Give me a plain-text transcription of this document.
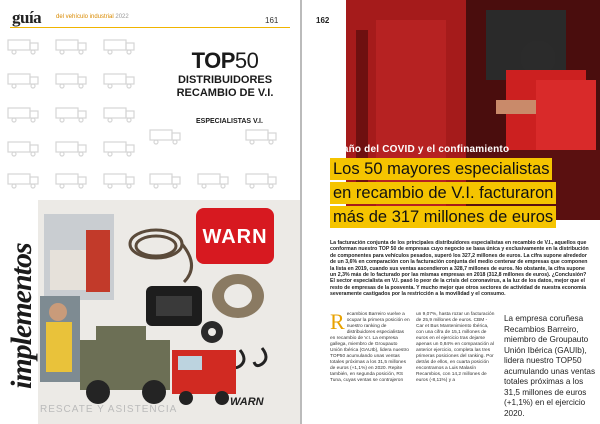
guía del vehículo industrial 2022	161
TOP50
DISTRIBUIDORES
RECAMBIO DE V.I.
ESPECIALISTAS V.I.
implementos
WARN
RESCATE Y ASISTENCIA
WARN
162
El año del COVID y el confinamiento
Los 50 mayores especialistas
en recambio de V.I. facturaron
más de 317 millones de euros
La facturación conjunta de los principales distribuidores especialistas en recambio de V.I., aquellos que conforman nuestro TOP 50 de empresas cuyo negocio se basa única y exclusivamente en la distribución de componentes para vehículos pesados, superó los 327,2 millones de euros. La cifra supone alrededor de un 3,6% en comparación con la facturación conjunta del medio centenar de empresas que componen la lista en 2019, cuando sus ventas ascendieron a 328,7 millones de euros. No obstante, la cifra supone un 2,3% más de lo facturado por las mismas empresas en 2018 (312,8 millones de euros). ¿Conclusión? El sector especialista en V.I. pasó lo peor de la crisis del coronavirus, a la luz de los datos, mejor que el resto de empresas de la posventa. Y mucho mejor que otros sectores de actividad de nuestra economía severamente castigados por la restricción a la movilidad y el consumo.
Recambios Barreiro vuelve a ocupar la primera posición en nuestro ranking de distribuidores especialistas en recambio de V.I. La empresa gallega, miembro de Groupauto Unión Ibérica (GAUIb), lidera nuestro TOP50 acumulando unas ventas totales próximas a los 31,5 millones de euros (+1,1%) en 2020. Repite también, en segunda posición, RS Tuna, cuyas ventas se contrajeron
un 9,07%, hasta rozar un facturación de 25,9 millones de euros. CBM - Car et Bus Mantenimiento Ibérica, con una cifra de 15,1 millones de euros en el ejercicio tras dejarse apenas un 0,84% en comparación al anterior ejercicio, completa las tres primeras posiciones del ranking. Por detrás de ellos, en cuarta posición encontramos a Luis Malasín Recambios, con 14,2 millones de euros (-8,11%) y a
La empresa coruñesa Recambios Barreiro, miembro de Groupauto Unión Ibérica (GAUIb), lidera nuestro TOP50 acumulando unas ventas totales próximas a los 31,5 millones de euros (+1,1%) en el ejercicio 2020.
